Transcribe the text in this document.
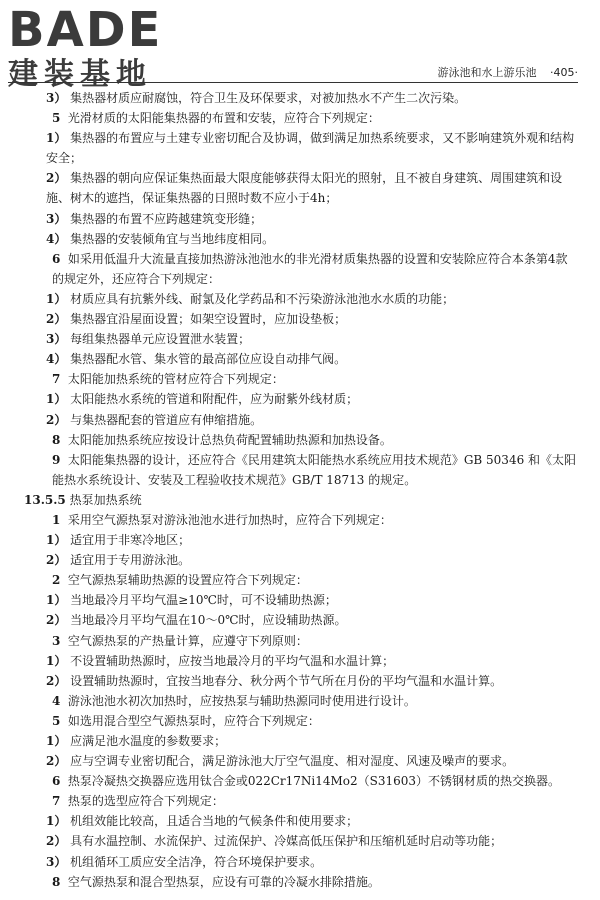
BADE
建装基地	游泳池和水上游乐池 ·405·
3） 集热器材质应耐腐蚀，符合卫生及环保要求，对被加热水不产生二次污染。
5 光滑材质的太阳能集热器的布置和安装，应符合下列规定：
1） 集热器的布置应与土建专业密切配合及协调，做到满足加热系统要求，又不影响建筑外观和结构安全；
2） 集热器的朝向应保证集热面最大限度能够获得太阳光的照射，且不被自身建筑、周围建筑和设施、树木的遮挡，保证集热器的日照时数不应小于4h；
3） 集热器的布置不应跨越建筑变形缝；
4） 集热器的安装倾角宜与当地纬度相同。
6 如采用低温升大流量直接加热游泳池池水的非光滑材质集热器的设置和安装除应符合本条第4款的规定外，还应符合下列规定：
1） 材质应具有抗紫外线、耐氯及化学药品和不污染游泳池池水水质的功能；
2） 集热器宜沿屋面设置；如架空设置时，应加设垫板；
3） 每组集热器单元应设置泄水装置；
4） 集热器配水管、集水管的最高部位应设自动排气阀。
7 太阳能加热系统的管材应符合下列规定：
1） 太阳能热水系统的管道和附配件，应为耐紫外线材质；
2） 与集热器配套的管道应有伸缩措施。
8 太阳能加热系统应按设计总热负荷配置辅助热源和加热设备。
9 太阳能集热器的设计，还应符合《民用建筑太阳能热水系统应用技术规范》GB 50346 和《太阳能热水系统设计、安装及工程验收技术规范》GB/T 18713 的规定。
13.5.5 热泵加热系统
1 采用空气源热泵对游泳池池水进行加热时，应符合下列规定：
1） 适宜用于非寒冷地区；
2） 适宜用于专用游泳池。
2 空气源热泵辅助热源的设置应符合下列规定：
1） 当地最冷月平均气温≥10℃时，可不设辅助热源；
2） 当地最冷月平均气温在10～0℃时，应设辅助热源。
3 空气源热泵的产热量计算，应遵守下列原则：
1） 不设置辅助热源时，应按当地最冷月的平均气温和水温计算；
2） 设置辅助热源时，宜按当地春分、秋分两个节气所在月份的平均气温和水温计算。
4 游泳池池水初次加热时，应按热泵与辅助热源同时使用进行设计。
5 如选用混合型空气源热泵时，应符合下列规定：
1） 应满足池水温度的参数要求；
2） 应与空调专业密切配合，满足游泳池大厅空气温度、相对湿度、风速及噪声的要求。
6 热泵冷凝热交换器应选用钛合金或022Cr17Ni14Mo2（S31603）不锈钢材质的热交换器。
7 热泵的选型应符合下列规定：
1） 机组效能比较高，且适合当地的气候条件和使用要求；
2） 具有水温控制、水流保护、过流保护、冷媒高低压保护和压缩机延时启动等功能；
3） 机组循环工质应安全洁净，符合环境保护要求。
8 空气源热泵和混合型热泵，应设有可靠的冷凝水排除措施。
